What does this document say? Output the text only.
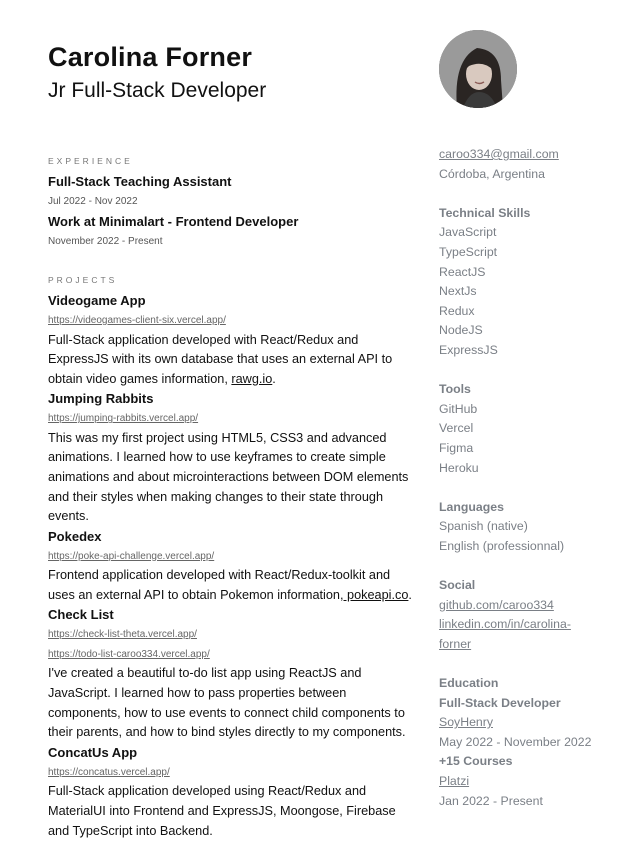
Carolina Forner

Jr Full-Stack Developer

EXPERIENCE

Full-Stack Teaching Assistant

Jul 2022 - Nov 2022

Work at Minimalart - Frontend Developer

November 2022 - Present

PROJECTS

Videogame App

https://videogames-client-six.vercel.app/

Full-Stack application developed with React/Redux and ExpressJS with its own database that uses an external API to obtain video games information, rawg.io.

Jumping Rabbits

https://jumping-rabbits.vercel.app/

This was my first project using HTML5, CSS3 and advanced animations. I learned how to use keyframes to create simple animations and about microinteractions between DOM elements and their styles when making changes to their state through events.

Pokedex

https://poke-api-challenge.vercel.app/

Frontend application developed with React/Redux-toolkit and uses an external API to obtain Pokemon information, pokeapi.co.

Check List

https://check-list-theta.vercel.app/
https://todo-list-caroo334.vercel.app/

I've created a beautiful to-do list app using ReactJS and JavaScript. I learned how to pass properties between components, how to use events to connect child components to their parents, and how to bind styles directly to my components.

ConcatUs App

https://concatus.vercel.app/

Full-Stack application developed using React/Redux and MaterialUI into Frontend and ExpressJS, Moongose, Firebase and TypeScript into Backend.

caroo334@gmail.com
Córdoba, Argentina
Technical Skills
JavaScript
TypeScript
ReactJS
NextJs
Redux
NodeJS
ExpressJS
Tools
GitHub
Vercel
Figma
Heroku
Languages
Spanish (native)
English (professionnal)
Social
github.com/caroo334
linkedin.com/in/carolina-
forner
Education
Full-Stack Developer
SoyHenry
May 2022 - November 2022
+15 Courses
Platzi
Jan 2022 - Present
